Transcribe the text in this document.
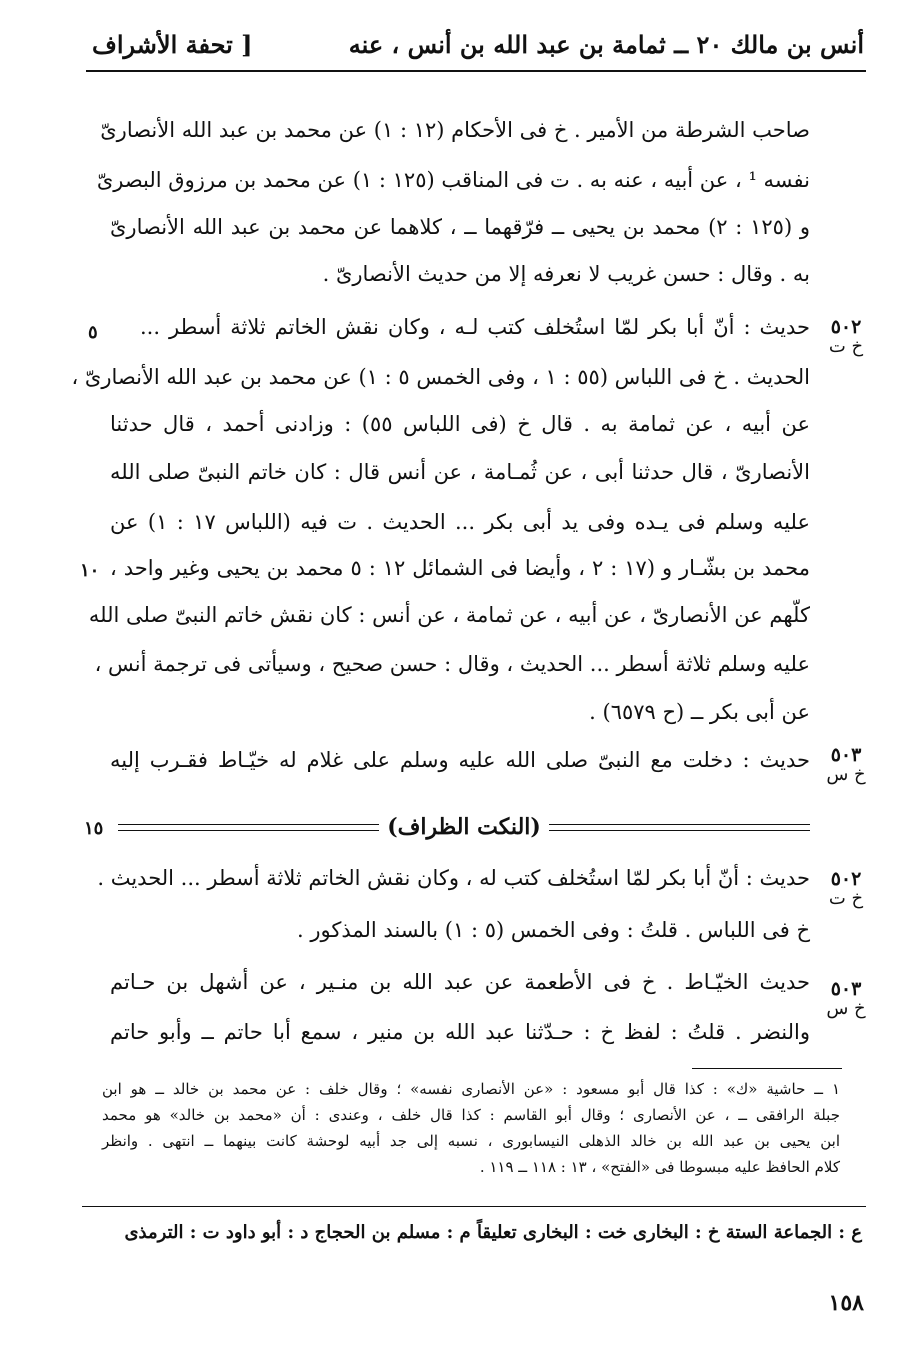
أنس بن مالك ۲۰ ــ ثمامة بن عبد الله بن أنس ، عنه
[ تحفة الأشراف
صاحب الشرطة من الأمير . خ فى الأحكام (۱۲ : ۱) عن محمد بن عبد الله الأنصارىّ
نفسه ¹ ، عن أبيه ، عنه به . ت فى المناقب (۱۲٥ : ۱) عن محمد بن مرزوق البصرىّ
و (۱۲٥ : ۲) محمد بن يحيى ــ فرّقهما ــ ، كلاهما عن محمد بن عبد الله الأنصارىّ
به . وقال : حسن غريب لا نعرفه إلا من حديث الأنصارىّ .
٥۰۲
خ ت
٥ حديث : أنّ أبا بكر لمّا استُخلف كتب لـه ، وكان نقش الخاتم ثلاثة أسطر ...
الحديث . خ فى اللباس (٥٥ : ۱ ، وفى الخمس ٥ : ۱) عن محمد بن عبد الله الأنصارىّ ،
عن أبيه ، عن ثمامة به . قال خ (فى اللباس ٥٥) : وزادنى أحمد ، قال حدثنا
الأنصارىّ ، قال حدثنا أبى ، عن ثُمـامة ، عن أنس قال : كان خاتم النبىّ صلى الله
عليه وسلم فى يـده وفى يد أبى بكر ... الحديث . ت فيه (اللباس ۱۷ : ۱) عن
۱۰ محمد بن بشّـار و (۱۷ : ۲ ، وأيضا فى الشمائل ۱۲ : ٥ محمد بن يحيى وغير واحد ،
كلّهم عن الأنصارىّ ، عن أبيه ، عن ثمامة ، عن أنس : كان نقش خاتم النبىّ صلى الله
عليه وسلم ثلاثة أسطر ... الحديث ، وقال : حسن صحيح ، وسيأتى فى ترجمة أنس ،
عن أبى بكر ــ (ح ٦٥٧۹) .
٥۰۳
خ س
حديث : دخلت مع النبىّ صلى الله عليه وسلم على غلام له خيّـاط فقـرب إليه
۱٥	(النكت الظراف)
٥۰۲
خ ت
حديث : أنّ أبا بكر لمّا استُخلف كتب له ، وكان نقش الخاتم ثلاثة أسطر ... الحديث .
خ فى اللباس . قلتُ : وفى الخمس (٥ : ۱) بالسند المذكور .
٥۰۳
خ س
حديث الخيّـاط . خ فى الأطعمة عن عبد الله بن منـير ، عن أشهل بن حـاتم
والنضر . قلتُ : لفظ خ : حـدّثنا عبد الله بن منير ، سمع أبا حاتم ــ وأبو حاتم
۱ ــ حاشية «ك» : كذا قال أبو مسعود : «عن الأنصارى نفسه» ؛ وقال خلف : عن محمد بن خالد ــ هو ابن
جبلة الرافقى ــ ، عن الأنصارى ؛ وقال أبو القاسم : كذا قال خلف ، وعندى : أن «محمد بن خالد» هو محمد
ابن يحيى بن عبد الله بن خالد الذهلى النيسابورى ، نسبه إلى جد أبيه لوحشة كانت بينهما ــ انتهى . وانظر
كلام الحافظ عليه مبسوطا فى «الفتح» ، ۱۳ : ۱۱۸ ــ ۱۱۹ .
ع : الجماعة الستة خ : البخارى خت : البخارى تعليقاً م : مسلم بن الحجاج د : أبو داود ت : الترمذى
۱٥۸
